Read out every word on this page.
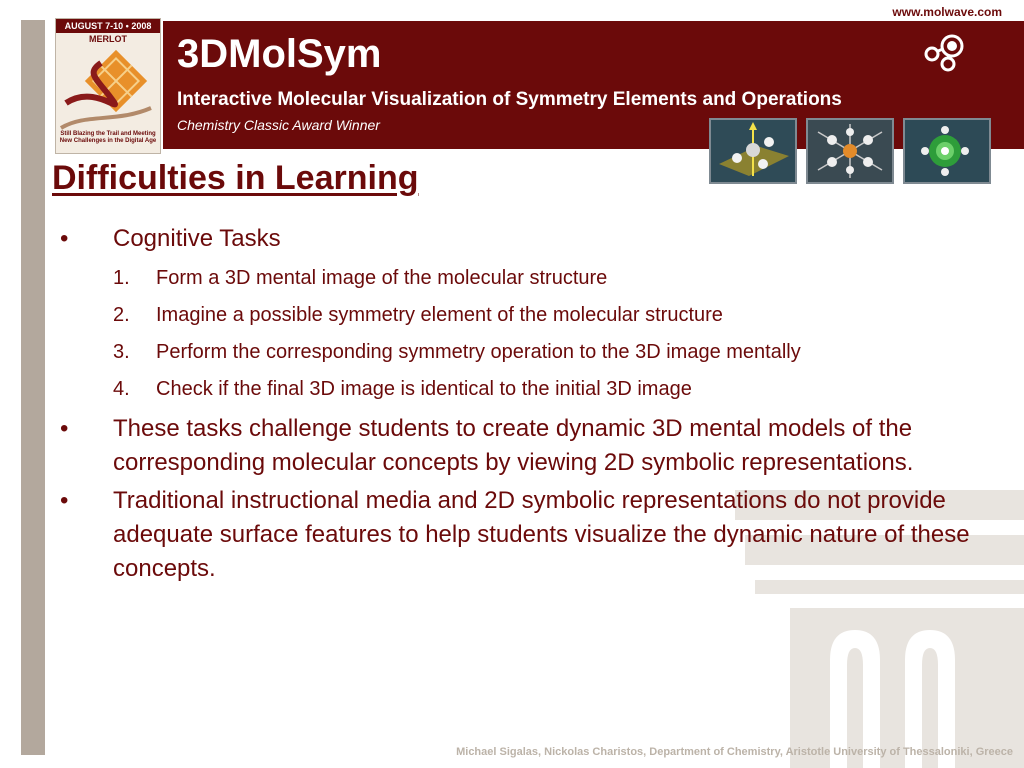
AUGUST 7-10 • 2008
MERLOT
Still Blazing the Trail and Meeting
New Challenges in the Digital Age
www.molwave.com
3DMolSym
Interactive Molecular Visualization of Symmetry Elements and Operations
Chemistry Classic Award Winner
Difficulties in Learning
•	Cognitive Tasks
1.	Form a 3D mental image of the molecular structure
2.	Imagine a possible symmetry element of the molecular structure
3.	Perform the corresponding symmetry operation to the 3D image mentally
4.	Check if the final 3D image is identical to the initial 3D image
•	These tasks challenge students to create dynamic 3D mental models of the corresponding molecular concepts by viewing 2D symbolic representations.
•	Traditional instructional media and 2D symbolic representations do not provide adequate surface features to help students visualize the dynamic nature of these concepts.
Michael Sigalas, Nickolas Charistos, Department of Chemistry, Aristotle University of Thessaloniki, Greece
